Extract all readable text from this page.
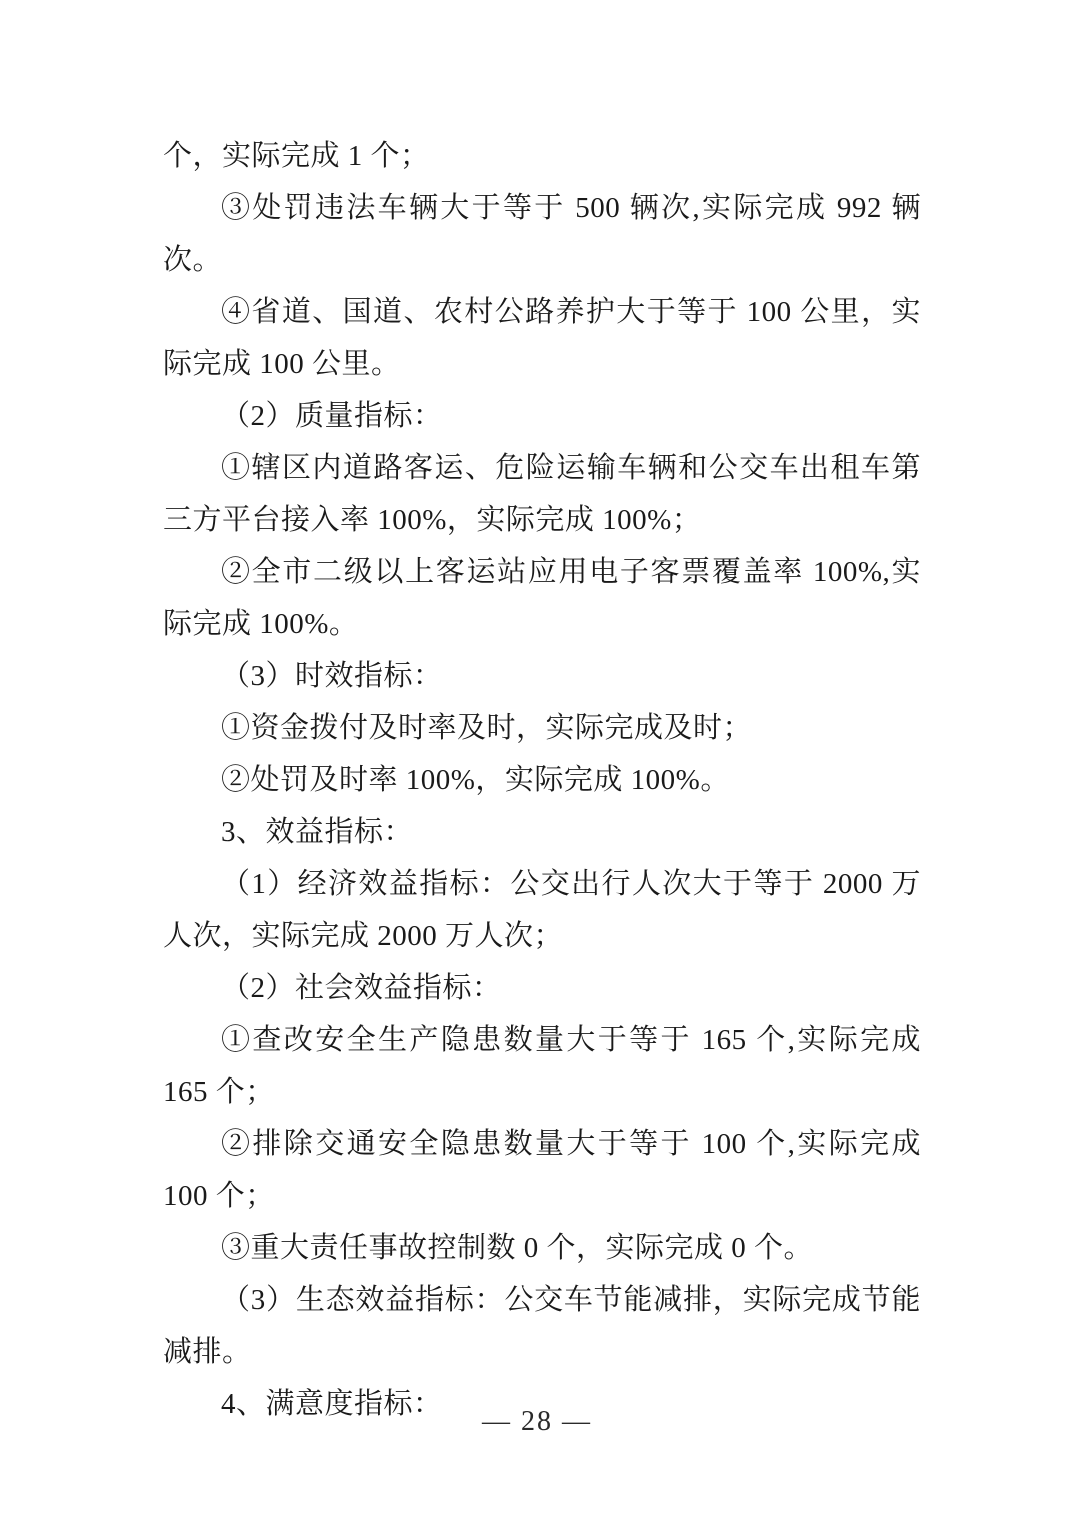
个，实际完成 1 个；

③处罚违法车辆大于等于 500 辆次,实际完成 992 辆次。

④省道、国道、农村公路养护大于等于 100 公里，实际完成 100 公里。

（2）质量指标：

①辖区内道路客运、危险运输车辆和公交车出租车第三方平台接入率 100%，实际完成 100%；

②全市二级以上客运站应用电子客票覆盖率 100%,实际完成 100%。

（3）时效指标：

①资金拨付及时率及时，实际完成及时；

②处罚及时率 100%，实际完成 100%。

3、效益指标：

（1）经济效益指标：公交出行人次大于等于 2000 万人次，实际完成 2000 万人次；

（2）社会效益指标：

①查改安全生产隐患数量大于等于 165 个,实际完成 165 个；

②排除交通安全隐患数量大于等于 100 个,实际完成 100 个；

③重大责任事故控制数 0 个，实际完成 0 个。

（3）生态效益指标：公交车节能减排，实际完成节能减排。

4、满意度指标：

— 28 —
